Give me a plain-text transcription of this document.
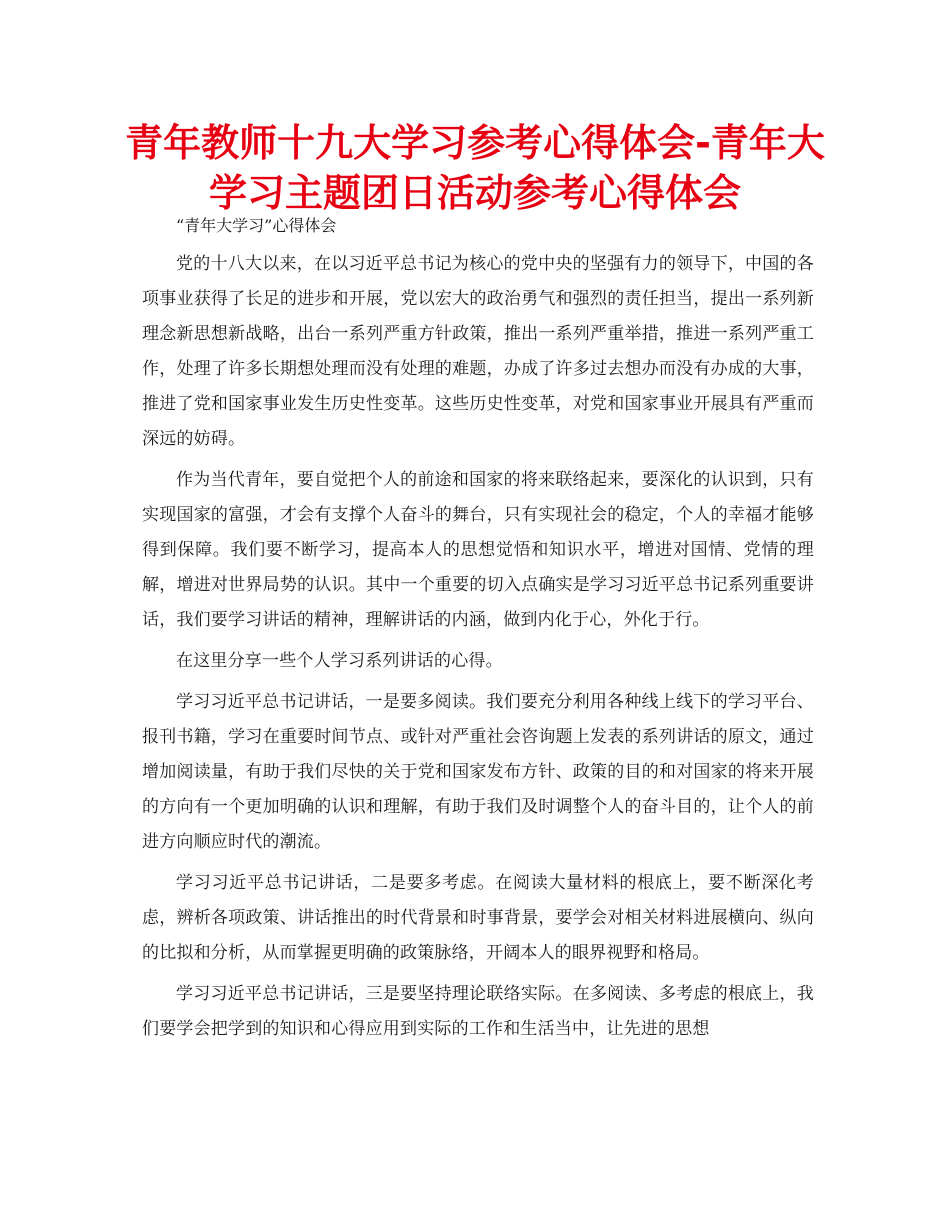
青年教师十九大学习参考心得体会-青年大学习主题团日活动参考心得体会

“青年大学习”心得体会

党的十八大以来，在以习近平总书记为核心的党中央的坚强有力的领导下，中国的各项事业获得了长足的进步和开展，党以宏大的政治勇气和强烈的责任担当，提出一系列新理念新思想新战略，出台一系列严重方针政策，推出一系列严重举措，推进一系列严重工作，处理了许多长期想处理而没有处理的难题，办成了许多过去想办而没有办成的大事，推进了党和国家事业发生历史性变革。这些历史性变革，对党和国家事业开展具有严重而深远的妨碍。

作为当代青年，要自觉把个人的前途和国家的将来联络起来，要深化的认识到，只有实现国家的富强，才会有支撑个人奋斗的舞台，只有实现社会的稳定，个人的幸福才能够得到保障。我们要不断学习，提高本人的思想觉悟和知识水平，增进对国情、党情的理解，增进对世界局势的认识。其中一个重要的切入点确实是学习习近平总书记系列重要讲话，我们要学习讲话的精神，理解讲话的内涵，做到内化于心，外化于行。

在这里分享一些个人学习系列讲话的心得。

学习习近平总书记讲话，一是要多阅读。我们要充分利用各种线上线下的学习平台、报刊书籍，学习在重要时间节点、或针对严重社会咨询题上发表的系列讲话的原文，通过增加阅读量，有助于我们尽快的关于党和国家发布方针、政策的目的和对国家的将来开展的方向有一个更加明确的认识和理解，有助于我们及时调整个人的奋斗目的，让个人的前进方向顺应时代的潮流。

学习习近平总书记讲话，二是要多考虑。在阅读大量材料的根底上，要不断深化考虑，辨析各项政策、讲话推出的时代背景和时事背景，要学会对相关材料进展横向、纵向的比拟和分析，从而掌握更明确的政策脉络，开阔本人的眼界视野和格局。

学习习近平总书记讲话，三是要坚持理论联络实际。在多阅读、多考虑的根底上，我们要学会把学到的知识和心得应用到实际的工作和生活当中，让先进的思想
